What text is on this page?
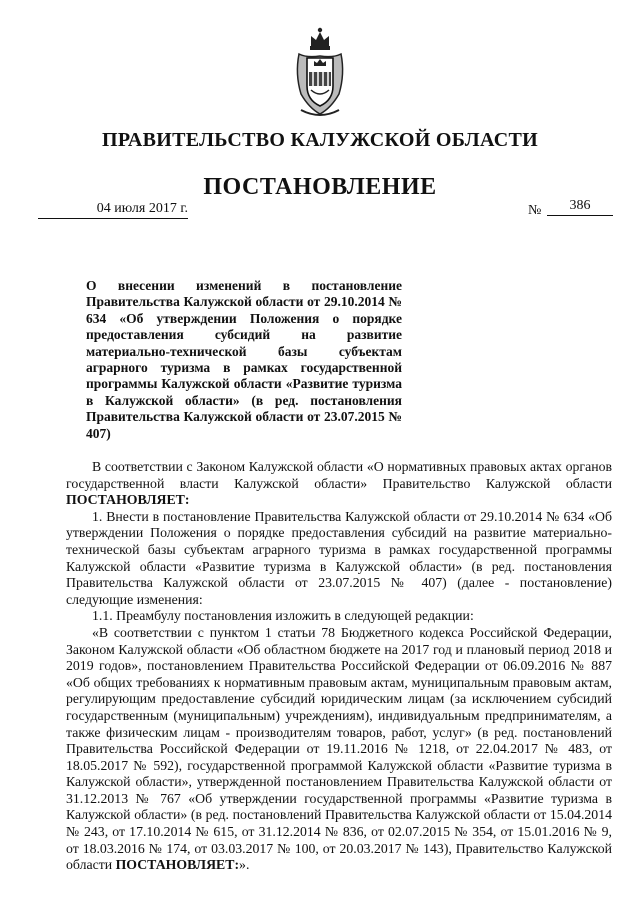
ПРАВИТЕЛЬСТВО КАЛУЖСКОЙ ОБЛАСТИ
ПОСТАНОВЛЕНИЕ
04 июля 2017 г.	№	386
О внесении изменений в постановление Правительства Калужской области от 29.10.2014 № 634 «Об утверждении Положения о порядке предоставления субсидий на развитие материально-технической базы субъектам аграрного туризма в рамках государственной программы Калужской области «Развитие туризма в Калужской области» (в ред. постановления Правительства Калужской области от 23.07.2015 № 407)

В соответствии с Законом Калужской области «О нормативных правовых актах органов государственной власти Калужской области» Правительство Калужской области ПОСТАНОВЛЯЕТ:

1. Внести в постановление Правительства Калужской области от 29.10.2014 № 634 «Об утверждении Положения о порядке предоставления субсидий на развитие материально-технической базы субъектам аграрного туризма в рамках государственной программы Калужской области «Развитие туризма в Калужской области» (в ред. постановления Правительства Калужской области от 23.07.2015 № 407) (далее - постановление) следующие изменения:

1.1. Преамбулу постановления изложить в следующей редакции:

«В соответствии с пунктом 1 статьи 78 Бюджетного кодекса Российской Федерации, Законом Калужской области «Об областном бюджете на 2017 год и плановый период 2018 и 2019 годов», постановлением Правительства Российской Федерации от 06.09.2016 № 887 «Об общих требованиях к нормативным правовым актам, муниципальным правовым актам, регулирующим предоставление субсидий юридическим лицам (за исключением субсидий государственным (муниципальным) учреждениям), индивидуальным предпринимателям, а также физическим лицам - производителям товаров, работ, услуг» (в ред. постановлений Правительства Российской Федерации от 19.11.2016 № 1218, от 22.04.2017 № 483, от 18.05.2017 № 592), государственной программой Калужской области «Развитие туризма в Калужской области», утвержденной постановлением Правительства Калужской области от 31.12.2013 № 767 «Об утверждении государственной программы «Развитие туризма в Калужской области» (в ред. постановлений Правительства Калужской области от 15.04.2014 № 243, от 17.10.2014 № 615, от 31.12.2014 № 836, от 02.07.2015 № 354, от 15.01.2016 № 9, от 18.03.2016 № 174, от 03.03.2017 № 100, от 20.03.2017 № 143), Правительство Калужской области ПОСТАНОВЛЯЕТ:».
